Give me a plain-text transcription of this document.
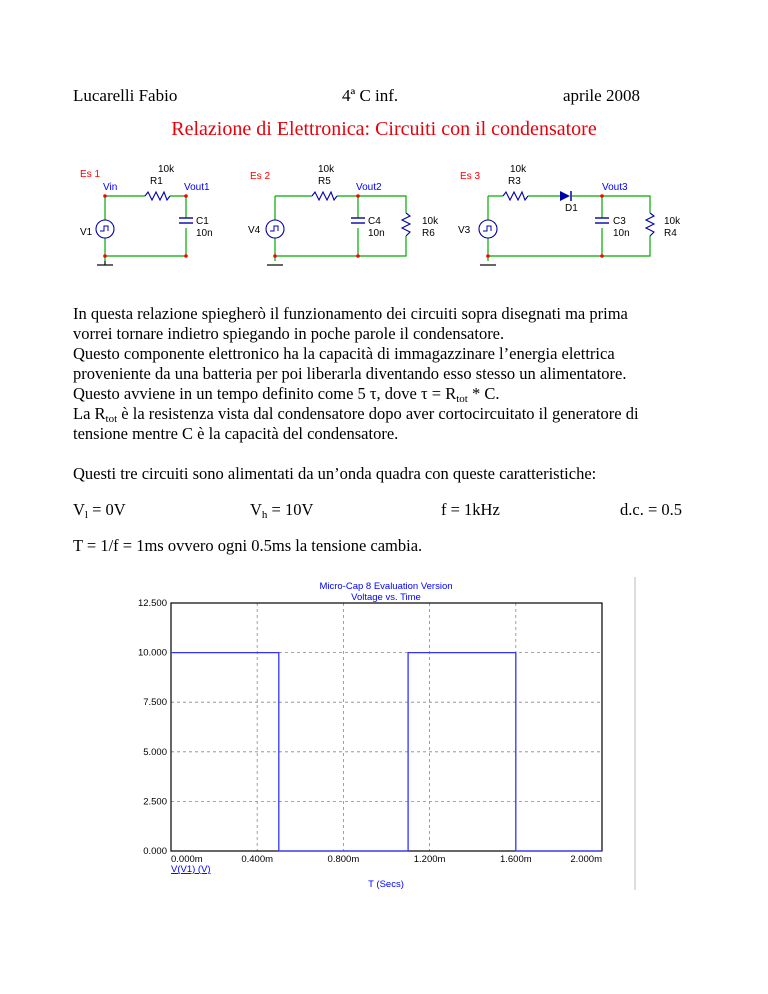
Lucarelli Fabio	4ª C inf.	aprile 2008
Relazione di Elettronica: Circuiti con il condensatore
Es 1	10k
R1
Vin	Vout1
V1
C1
10n
Es 2
10k
R5
Vout2
V4
C4
10n
10k
R6
Es 3
10k
R3
D1
Vout3
V3
C3
10n
10k
R4
In questa relazione spiegherò il funzionamento dei circuiti sopra disegnati ma prima
vorrei tornare indietro spiegando in poche parole il condensatore.
Questo componente elettronico ha la capacità di immagazzinare l’energia elettrica
proveniente da una batteria per poi liberarla diventando esso stesso un alimentatore.
Questo avviene in un tempo definito come 5 τ, dove $\tau = R_{tot} * C$.
La $R_{tot}$ è la resistenza vista dal condensatore dopo aver cortocircuitato il generatore di
tensione mentre C è la capacità del condensatore.
Questi tre circuiti sono alimentati da un’onda quadra con queste caratteristiche:
$V_l = 0V$	$V_h = 10V$	f = 1kHz	d.c. = 0.5
T = 1/f = 1ms ovvero ogni 0.5ms la tensione cambia.
Micro-Cap 8 Evaluation Version
Voltage vs. Time
0.000
2.500
5.000
7.500
10.000
12.500
0.000m	0.400m	0.800m	1.200m	1.600m	2.000m
V(V1) (V)
T (Secs)
